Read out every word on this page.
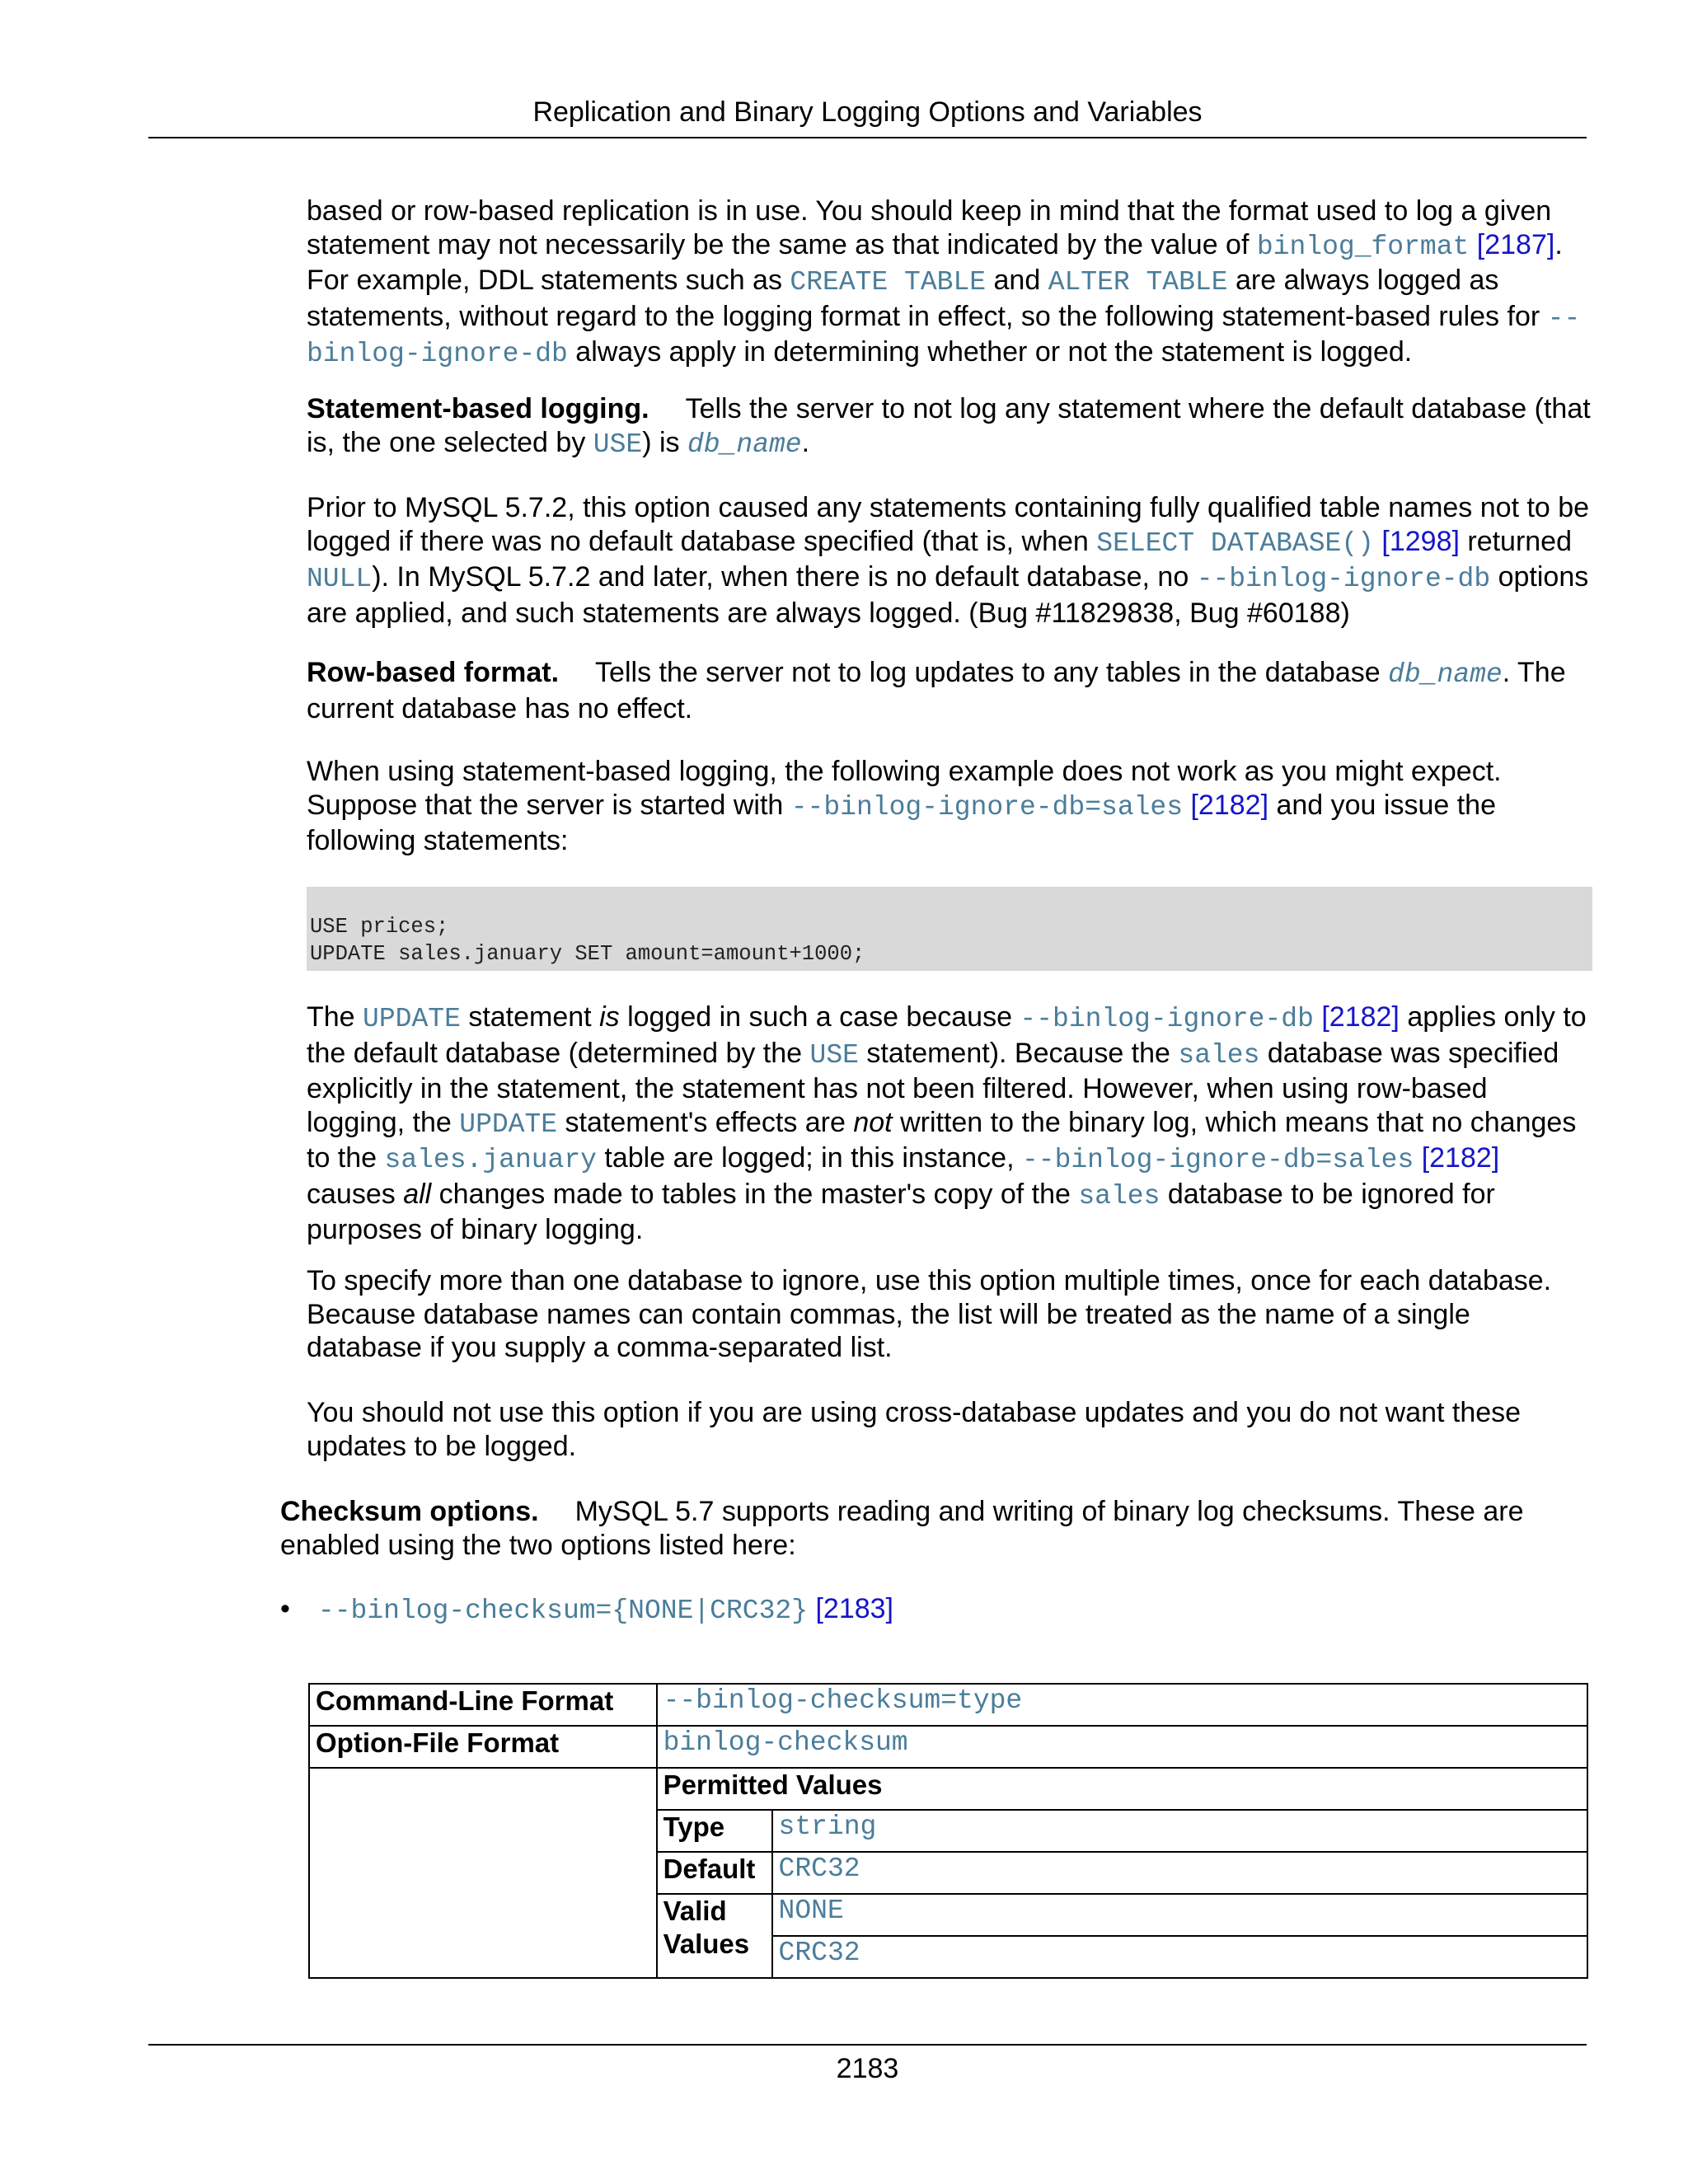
Replication and Binary Logging Options and Variables
based or row-based replication is in use. You should keep in mind that the format used to log a given statement may not necessarily be the same as that indicated by the value of binlog_format [2187]. For example, DDL statements such as CREATE TABLE and ALTER TABLE are always logged as statements, without regard to the logging format in effect, so the following statement-based rules for --binlog-ignore-db always apply in determining whether or not the statement is logged.
Statement-based logging. Tells the server to not log any statement where the default database (that is, the one selected by USE) is db_name.
Prior to MySQL 5.7.2, this option caused any statements containing fully qualified table names not to be logged if there was no default database specified (that is, when SELECT DATABASE() [1298] returned NULL). In MySQL 5.7.2 and later, when there is no default database, no --binlog-ignore-db options are applied, and such statements are always logged. (Bug #11829838, Bug #60188)
Row-based format. Tells the server not to log updates to any tables in the database db_name. The current database has no effect.
When using statement-based logging, the following example does not work as you might expect. Suppose that the server is started with --binlog-ignore-db=sales [2182] and you issue the following statements:
USE prices;
UPDATE sales.january SET amount=amount+1000;
The UPDATE statement is logged in such a case because --binlog-ignore-db [2182] applies only to the default database (determined by the USE statement). Because the sales database was specified explicitly in the statement, the statement has not been filtered. However, when using row-based logging, the UPDATE statement's effects are not written to the binary log, which means that no changes to the sales.january table are logged; in this instance, --binlog-ignore-db=sales [2182] causes all changes made to tables in the master's copy of the sales database to be ignored for purposes of binary logging.
To specify more than one database to ignore, use this option multiple times, once for each database. Because database names can contain commas, the list will be treated as the name of a single database if you supply a comma-separated list.
You should not use this option if you are using cross-database updates and you do not want these updates to be logged.
Checksum options. MySQL 5.7 supports reading and writing of binary log checksums. These are enabled using the two options listed here:
• --binlog-checksum={NONE|CRC32} [2183]
Command-Line Format	--binlog-checksum=type	
Option-File Format	binlog-checksum	
	Permitted Values	
	Type	string
	Default	CRC32
	Valid Values	NONE
		CRC32
2183
